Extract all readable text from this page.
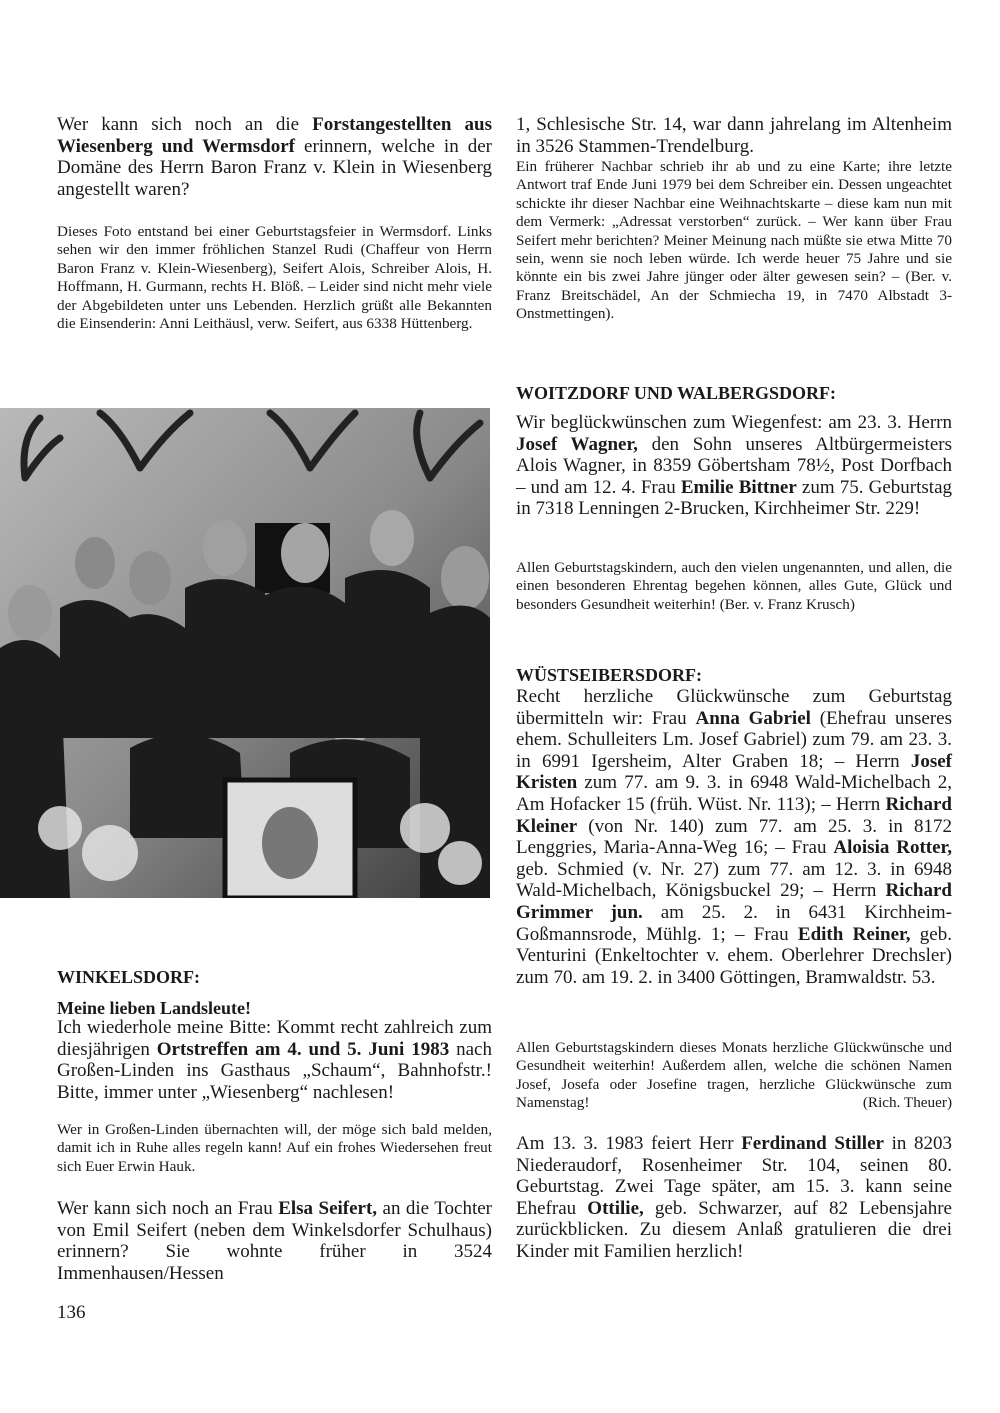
Wer kann sich noch an die Forstangestellten aus Wiesenberg und Wermsdorf erinnern, welche in der Domäne des Herrn Baron Franz v. Klein in Wiesenberg angestellt waren?

Dieses Foto entstand bei einer Geburtstagsfeier in Wermsdorf. Links sehen wir den immer fröhlichen Stanzel Rudi (Chaffeur von Herrn Baron Franz v. Klein-Wiesenberg), Seifert Alois, Schreiber Alois, H. Hoffmann, H. Gurmann, rechts H. Blöß. – Leider sind nicht mehr viele der Abgebildeten unter uns Lebenden. Herzlich grüßt alle Bekannten die Einsenderin: Anni Leithäusl, verw. Seifert, aus 6338 Hüttenberg.

WINKELSDORF:
Meine lieben Landsleute!

Ich wiederhole meine Bitte: Kommt recht zahlreich zum diesjährigen Ortstreffen am 4. und 5. Juni 1983 nach Großen-Linden ins Gasthaus „Schaum“, Bahnhofstr.! Bitte, immer unter „Wiesenberg“ nachlesen!

Wer in Großen-Linden übernachten will, der möge sich bald melden, damit ich in Ruhe alles regeln kann! Auf ein frohes Wiedersehen freut sich Euer Erwin Hauk.

Wer kann sich noch an Frau Elsa Seifert, an die Tochter von Emil Seifert (neben dem Winkelsdorfer Schulhaus) erinnern? Sie wohnte früher in 3524 Immenhausen/Hessen

136

1, Schlesische Str. 14, war dann jahrelang im Altenheim in 3526 Stammen-Trendelburg.

Ein früherer Nachbar schrieb ihr ab und zu eine Karte; ihre letzte Antwort traf Ende Juni 1979 bei dem Schreiber ein. Dessen ungeachtet schickte ihr dieser Nachbar eine Weihnachtskarte – diese kam nun mit dem Vermerk: „Adressat verstorben“ zurück. – Wer kann über Frau Seifert mehr berichten? Meiner Meinung nach müßte sie etwa Mitte 70 sein, wenn sie noch leben würde. Ich werde heuer 75 Jahre und sie könnte ein bis zwei Jahre jünger oder älter gewesen sein? – (Ber. v. Franz Breitschädel, An der Schmiecha 19, in 7470 Albstadt 3-Onstmettingen).

WOITZDORF UND WALBERGSDORF:

Wir beglückwünschen zum Wiegenfest: am 23. 3. Herrn Josef Wagner, den Sohn unseres Altbürgermeisters Alois Wagner, in 8359 Göbertsham 78½, Post Dorfbach – und am 12. 4. Frau Emilie Bittner zum 75. Geburtstag in 7318 Lenningen 2-Brucken, Kirchheimer Str. 229!

Allen Geburtstagskindern, auch den vielen ungenannten, und allen, die einen besonderen Ehrentag begehen können, alles Gute, Glück und besonders Gesundheit weiterhin! (Ber. v. Franz Krusch)

WÜSTSEIBERSDORF:

Recht herzliche Glückwünsche zum Geburtstag übermitteln wir: Frau Anna Gabriel (Ehefrau unseres ehem. Schulleiters Lm. Josef Gabriel) zum 79. am 23. 3. in 6991 Igersheim, Alter Graben 18; – Herrn Josef Kristen zum 77. am 9. 3. in 6948 Wald-Michelbach 2, Am Hofacker 15 (früh. Wüst. Nr. 113); – Herrn Richard Kleiner (von Nr. 140) zum 77. am 25. 3. in 8172 Lenggries, Maria-Anna-Weg 16; – Frau Aloisia Rotter, geb. Schmied (v. Nr. 27) zum 77. am 12. 3. in 6948 Wald-Michelbach, Königsbuckel 29; – Herrn Richard Grimmer jun. am 25. 2. in 6431 Kirchheim-Goßmannsrode, Mühlg. 1; – Frau Edith Reiner, geb. Venturini (Enkeltochter v. ehem. Oberlehrer Drechsler) zum 70. am 19. 2. in 3400 Göttingen, Bramwaldstr. 53.

Allen Geburtstagskindern dieses Monats herzliche Glückwünsche und Gesundheit weiterhin! Außerdem allen, welche die schönen Namen Josef, Josefa oder Josefine tragen, herzliche Glückwünsche zum Namenstag!	(Rich. Theuer)

Am 13. 3. 1983 feiert Herr Ferdinand Stiller in 8203 Niederaudorf, Rosenheimer Str. 104, seinen 80. Geburtstag. Zwei Tage später, am 15. 3. kann seine Ehefrau Ottilie, geb. Schwarzer, auf 82 Lebensjahre zurückblicken. Zu diesem Anlaß gratulieren die drei Kinder mit Familien herzlich!
